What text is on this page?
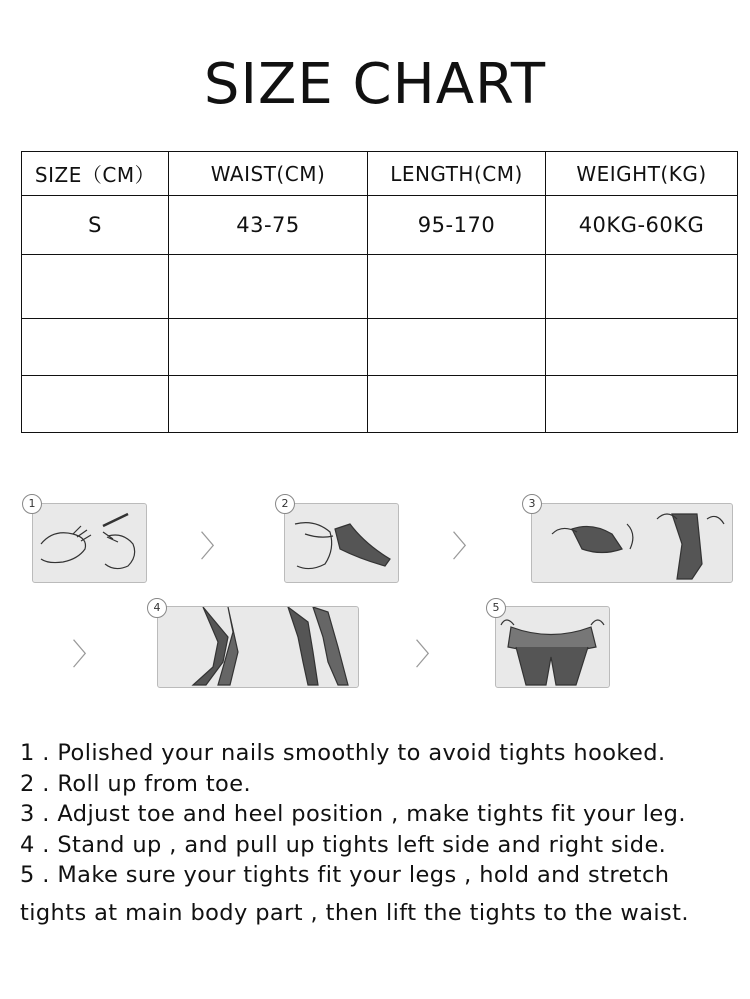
SIZE CHART
SIZE（CM）	WAIST(CM)	LENGTH(CM)	WEIGHT(KG)
S	43-75	95-170	40KG-60KG

1
〉
2
〉
3
〉
4
〉
5
1 . Polished your nails smoothly to avoid tights hooked.
2 . Roll up from toe.
3 . Adjust toe and heel position , make tights fit your leg.
4 . Stand up , and pull up tights left side and right side.
5 . Make sure your tights fit your legs , hold and stretch
tights at main body part , then lift the tights to the waist.
